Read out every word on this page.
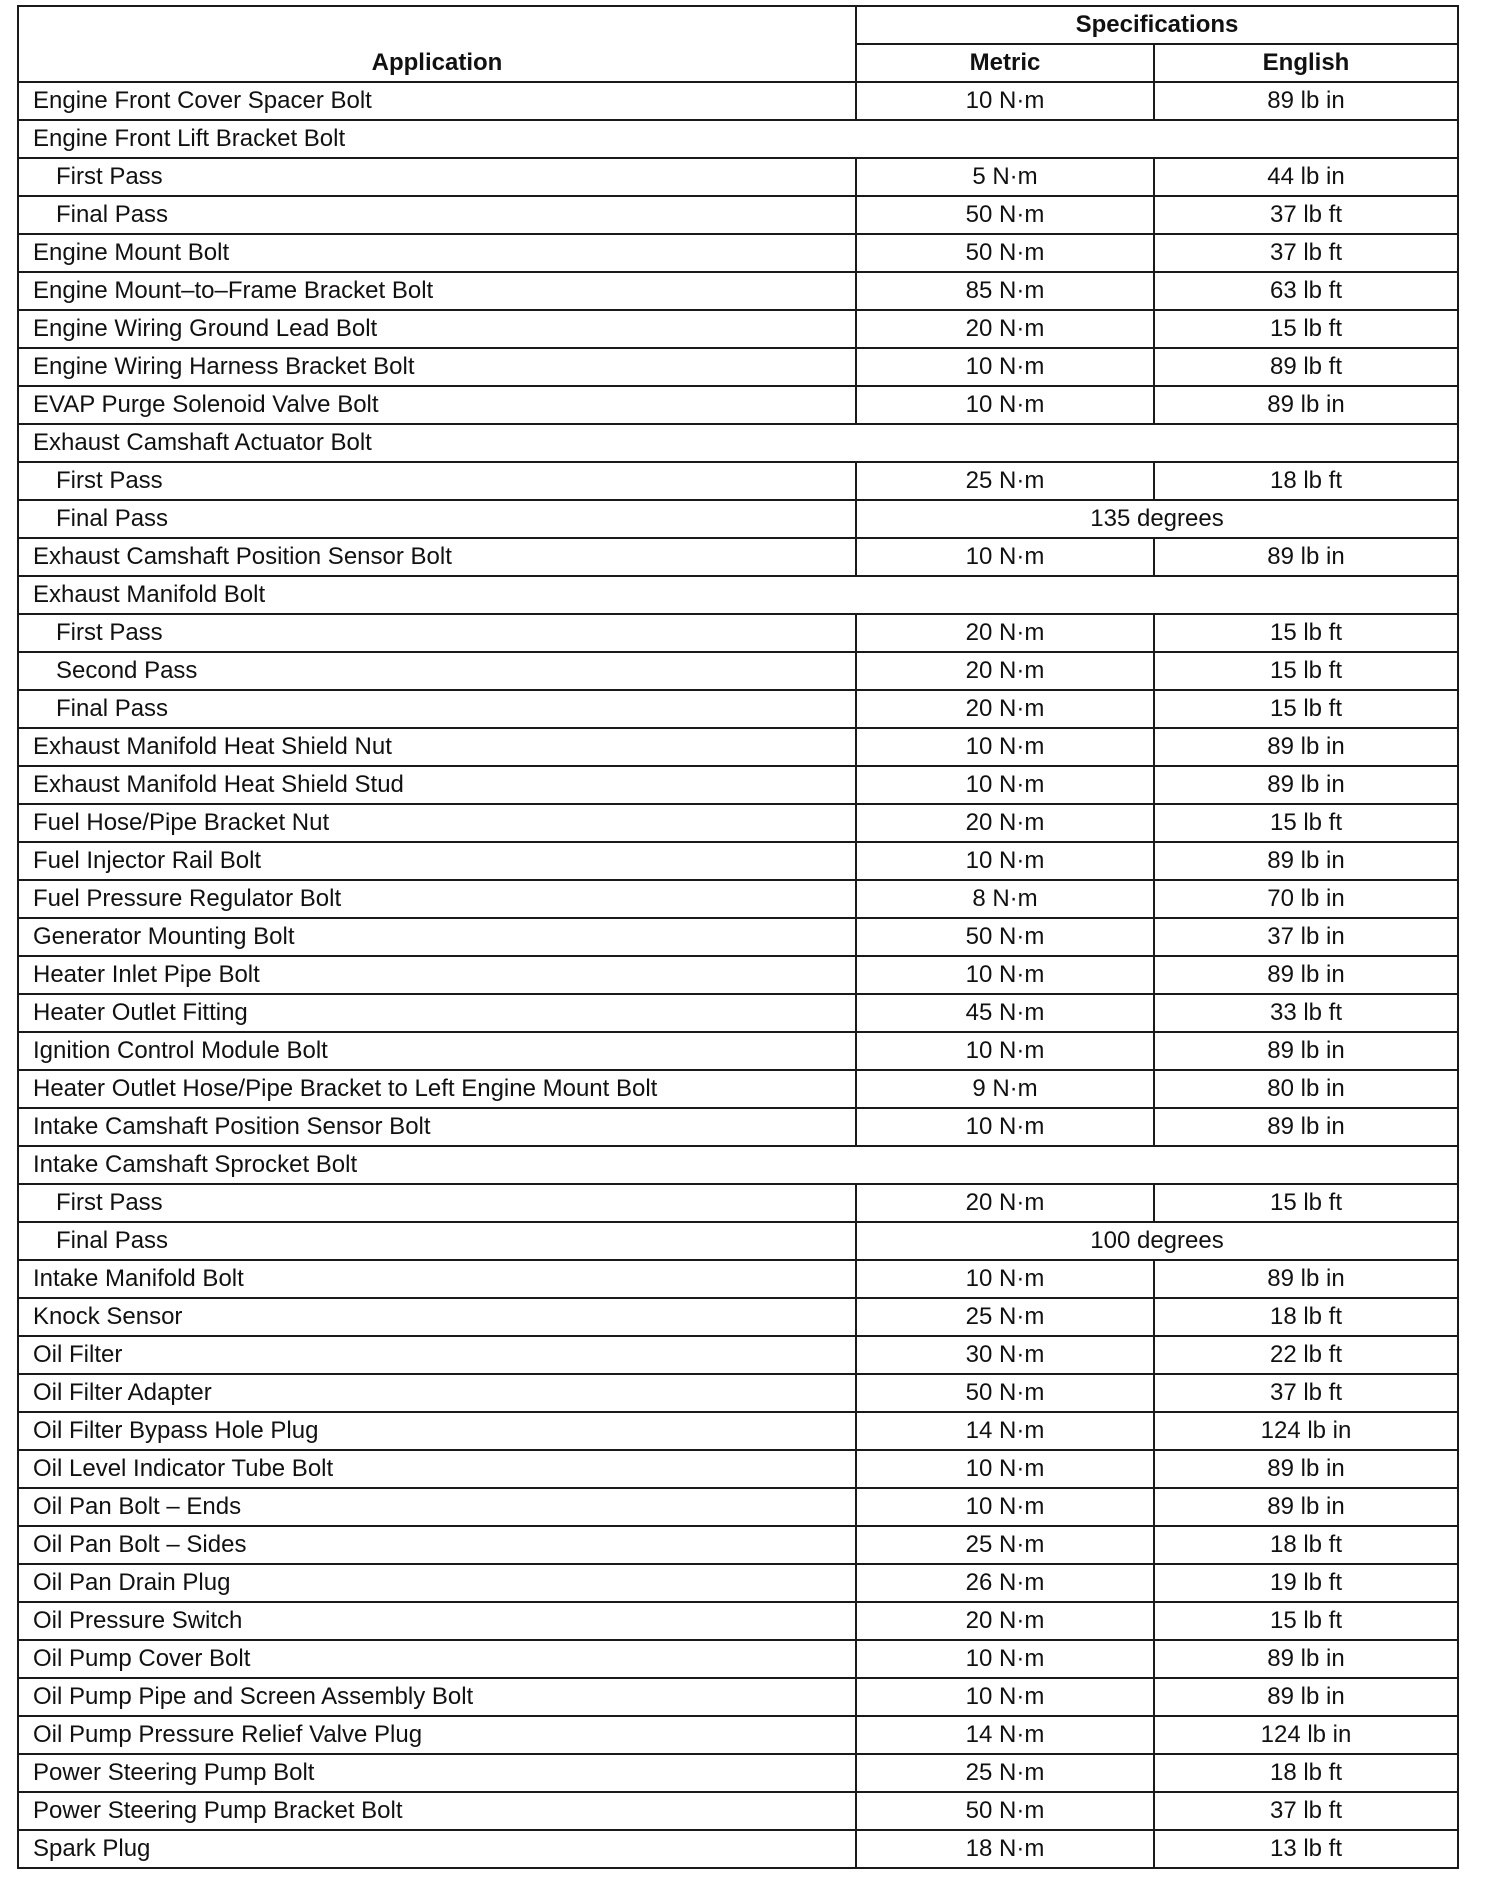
Application	Specifications	
	Metric	English
Engine Front Cover Spacer Bolt	10 N·m	89 lb in
Engine Front Lift Bracket Bolt		
First Pass	5 N·m	44 lb in
Final Pass	50 N·m	37 lb ft
Engine Mount Bolt	50 N·m	37 lb ft
Engine Mount–to–Frame Bracket Bolt	85 N·m	63 lb ft
Engine Wiring Ground Lead Bolt	20 N·m	15 lb ft
Engine Wiring Harness Bracket Bolt	10 N·m	89 lb ft
EVAP Purge Solenoid Valve Bolt	10 N·m	89 lb in
Exhaust Camshaft Actuator Bolt		
First Pass	25 N·m	18 lb ft
Final Pass	135 degrees	
Exhaust Camshaft Position Sensor Bolt	10 N·m	89 lb in
Exhaust Manifold Bolt		
First Pass	20 N·m	15 lb ft
Second Pass	20 N·m	15 lb ft
Final Pass	20 N·m	15 lb ft
Exhaust Manifold Heat Shield Nut	10 N·m	89 lb in
Exhaust Manifold Heat Shield Stud	10 N·m	89 lb in
Fuel Hose/Pipe Bracket Nut	20 N·m	15 lb ft
Fuel Injector Rail Bolt	10 N·m	89 lb in
Fuel Pressure Regulator Bolt	8 N·m	70 lb in
Generator Mounting Bolt	50 N·m	37 lb in
Heater Inlet Pipe Bolt	10 N·m	89 lb in
Heater Outlet Fitting	45 N·m	33 lb ft
Ignition Control Module Bolt	10 N·m	89 lb in
Heater Outlet Hose/Pipe Bracket to Left Engine Mount Bolt	9 N·m	80 lb in
Intake Camshaft Position Sensor Bolt	10 N·m	89 lb in
Intake Camshaft Sprocket Bolt		
First Pass	20 N·m	15 lb ft
Final Pass	100 degrees	
Intake Manifold Bolt	10 N·m	89 lb in
Knock Sensor	25 N·m	18 lb ft
Oil Filter	30 N·m	22 lb ft
Oil Filter Adapter	50 N·m	37 lb ft
Oil Filter Bypass Hole Plug	14 N·m	124 lb in
Oil Level Indicator Tube Bolt	10 N·m	89 lb in
Oil Pan Bolt – Ends	10 N·m	89 lb in
Oil Pan Bolt – Sides	25 N·m	18 lb ft
Oil Pan Drain Plug	26 N·m	19 lb ft
Oil Pressure Switch	20 N·m	15 lb ft
Oil Pump Cover Bolt	10 N·m	89 lb in
Oil Pump Pipe and Screen Assembly Bolt	10 N·m	89 lb in
Oil Pump Pressure Relief Valve Plug	14 N·m	124 lb in
Power Steering Pump Bolt	25 N·m	18 lb ft
Power Steering Pump Bracket Bolt	50 N·m	37 lb ft
Spark Plug	18 N·m	13 lb ft
